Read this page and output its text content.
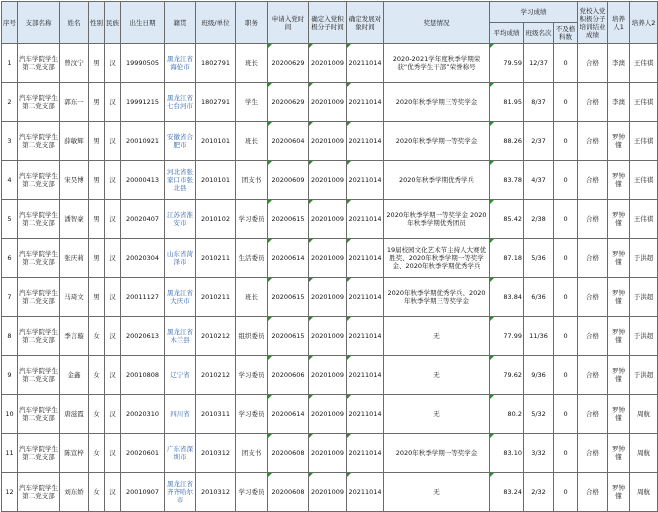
序号	支部名称	姓名	性别	民族	出生日期	籍贯	班级/单位	职务	申请入党时间	确定入党积极分子时间	确定发展对象时间	奖惩情况	学习成绩			党校入党积极分子培训结业成绩	培养人1	培养人2
													平均成绩	班级名次	不及格科数			
1	汽车学院学生第二党支部	曾汶宁	男	汉	19990505	黑龙江省海伦市	1802791	班长	20200629	20201009	20211014	2020-2021学年度秋季学期荣获“优秀学生干部”荣誉称号	79.59	12/37	0	合格	李澳	王伟祺
2	汽车学院学生第二党支部	郭东一	男	汉	19991215	黑龙江省七台河市	1802791	学生	20200629	20201009	20211014	2020年秋季学期三等奖学金	81.95	8/37	0	合格	李澳	王伟祺
3	汽车学院学生第二党支部	薛敏辉	男	汉	20010921	安徽省合肥市	2010101	班长	20200604	20201009	20211014	2020年秋季学期一等奖学金	88.26	2/37	0	合格	罗钟懂	王伟祺
4	汽车学院学生第二党支部	宋昊博	男	汉	20000413	河北省张家口市张北县	2010101	团支书	20200609	20201009	20211014	2020年秋季学期优秀学兵	83.78	4/37	0	合格	罗钟懂	王伟祺
5	汽车学院学生第二党支部	潘智豪	男	汉	20020407	江苏省淮安市	2010102	学习委员	20200615	20201009	20211014	2020年秋季学期一等奖学金 2020年秋季学期优秀团员	85.42	2/38	0	合格	罗钟懂	王伟祺
6	汽车学院学生第二党支部	张庆莉	男	汉	20020304	山东省菏泽市	2010211	生活委员	20200614	20201009	20211014	19届校园文化艺术节主持人大赛优胜奖、2020年秋季学期一等奖学金、2020年秋季学期优秀学兵	87.18	5/36	0	合格	罗钟懂	于洪超
7	汽车学院学生第二党支部	马琦文	男	汉	20011127	黑龙江省大庆市	2010211	班长	20200615	20201009	20211014	2020年秋季学期优秀学兵、2020年秋季学期三等奖学金	83.84	6/36	0	合格	罗钟懂	于洪超
8	汽车学院学生第二党支部	季言璇	女	汉	20020613	黑龙江省木兰县	2010212	组织委员	20200615	20201009	20211014	无	77.99	11/36	0	合格	罗钟懂	于洪超
9	汽车学院学生第二党支部	金鑫	女	汉	20010808	辽宁省	2010212	学习委员	20200606	20201009	20211014	无	79.62	9/36	0	合格	罗钟懂	于洪超
10	汽车学院学生第二党支部	唐滋霞	女	汉	20020310	四川省	2010311	学习委员	20200614	20201009	20211014	无	80.2	5/32	0	合格	罗钟懂	周航
11	汽车学院学生第二党支部	陈宣梓	女	汉	20020601	广东省深圳市	2010312	团支书	20200608	20201009	20211014	2020年秋季学期一等奖学金	83.10	3/32	0	合格	罗钟懂	周航
12	汽车学院学生第二党支部	刘东娇	女	汉	20010907	黑龙江省齐齐哈尔市	2010312	学习委员	20200608	20201009	20211014	无	83.24	2/32	0	合格	罗钟懂	周航
